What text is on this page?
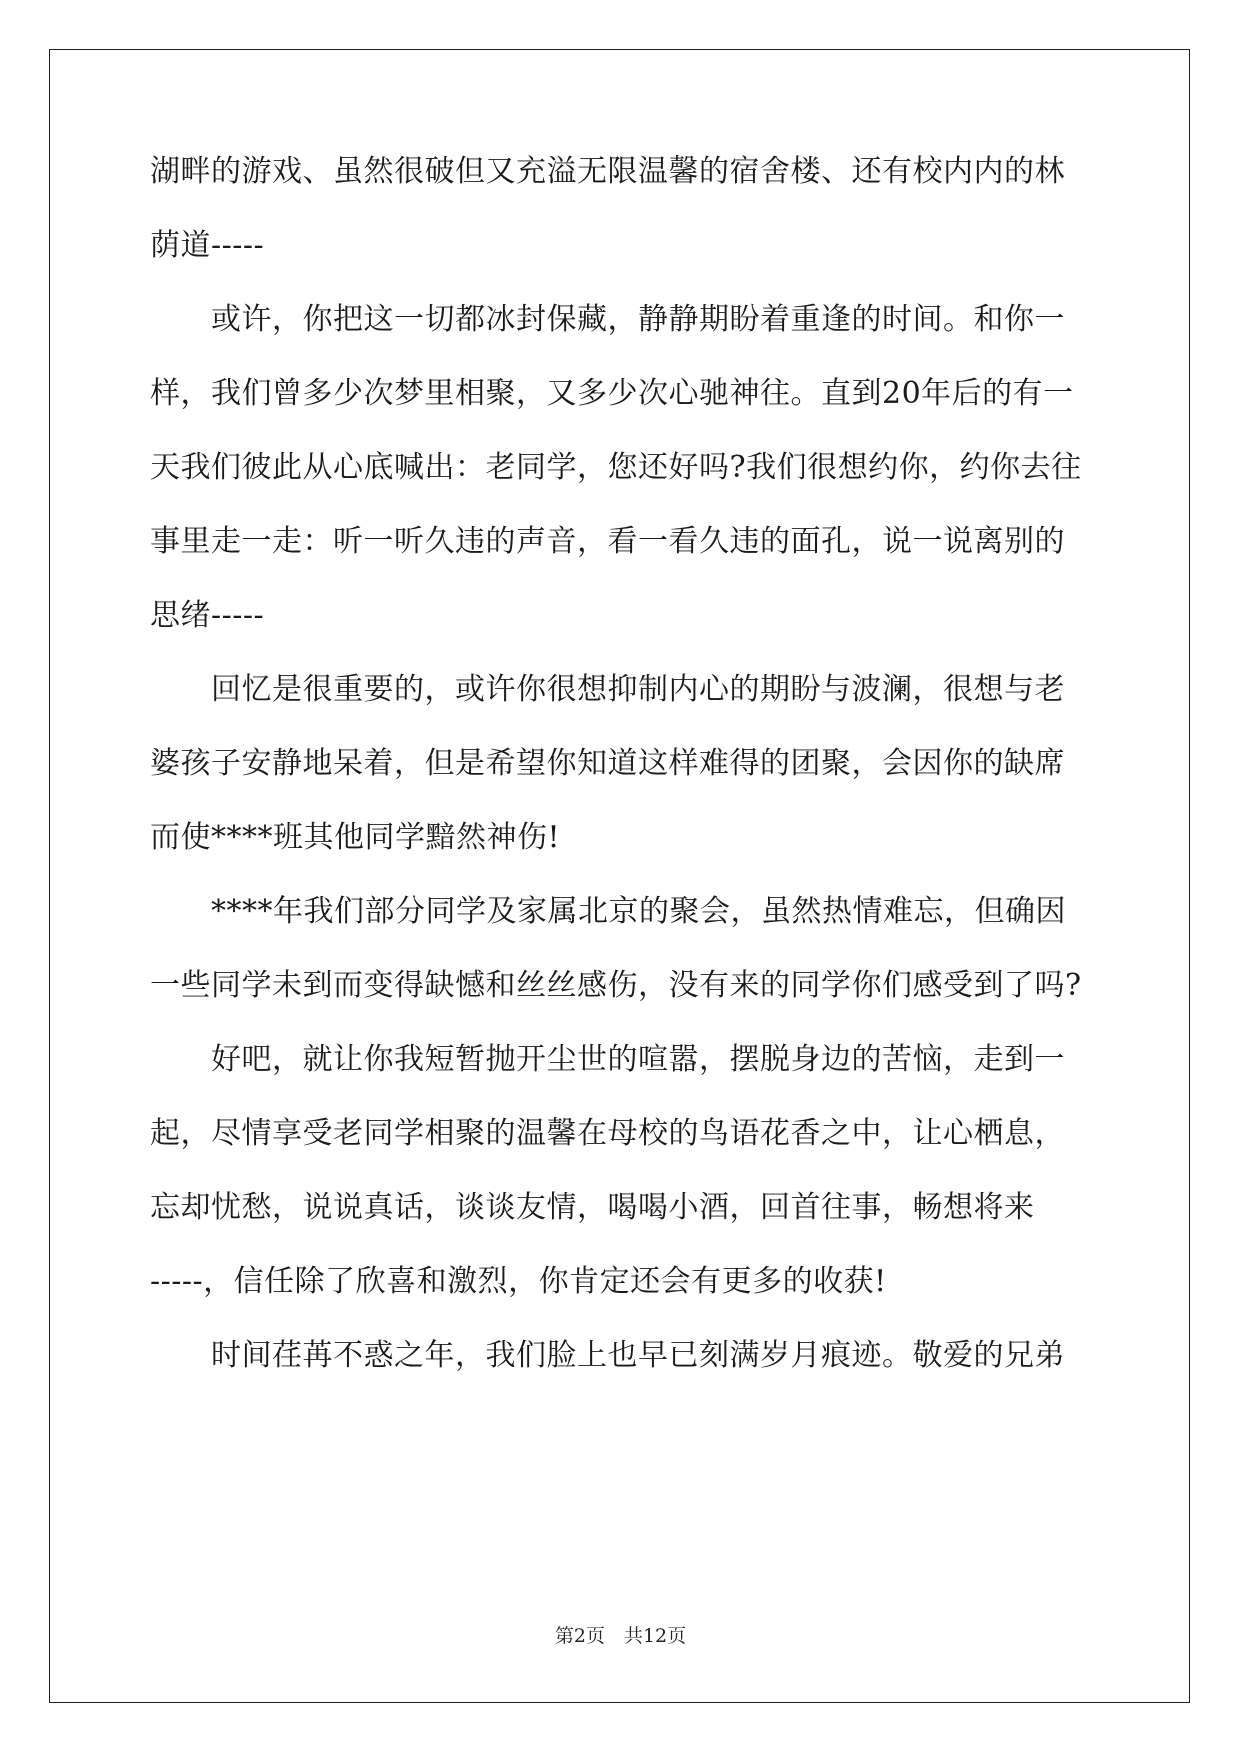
湖畔的游戏、虽然很破但又充溢无限温馨的宿舍楼、还有校内内的林
荫道-----
　　或许，你把这一切都冰封保藏，静静期盼着重逢的时间。和你一
样，我们曾多少次梦里相聚，又多少次心驰神往。直到20年后的有一
天我们彼此从心底喊出：老同学，您还好吗?我们很想约你，约你去往
事里走一走：听一听久违的声音，看一看久违的面孔，说一说离别的
思绪-----
　　回忆是很重要的，或许你很想抑制内心的期盼与波澜，很想与老
婆孩子安静地呆着，但是希望你知道这样难得的团聚，会因你的缺席
而使****班其他同学黯然神伤!
　　****年我们部分同学及家属北京的聚会，虽然热情难忘，但确因
一些同学未到而变得缺憾和丝丝感伤，没有来的同学你们感受到了吗?
　　好吧，就让你我短暂抛开尘世的喧嚣，摆脱身边的苦恼，走到一
起，尽情享受老同学相聚的温馨在母校的鸟语花香之中，让心栖息，
忘却忧愁，说说真话，谈谈友情，喝喝小酒，回首往事，畅想将来
-----，信任除了欣喜和激烈，你肯定还会有更多的收获!
　　时间荏苒不惑之年，我们脸上也早已刻满岁月痕迹。敬爱的兄弟
第2页　共12页
